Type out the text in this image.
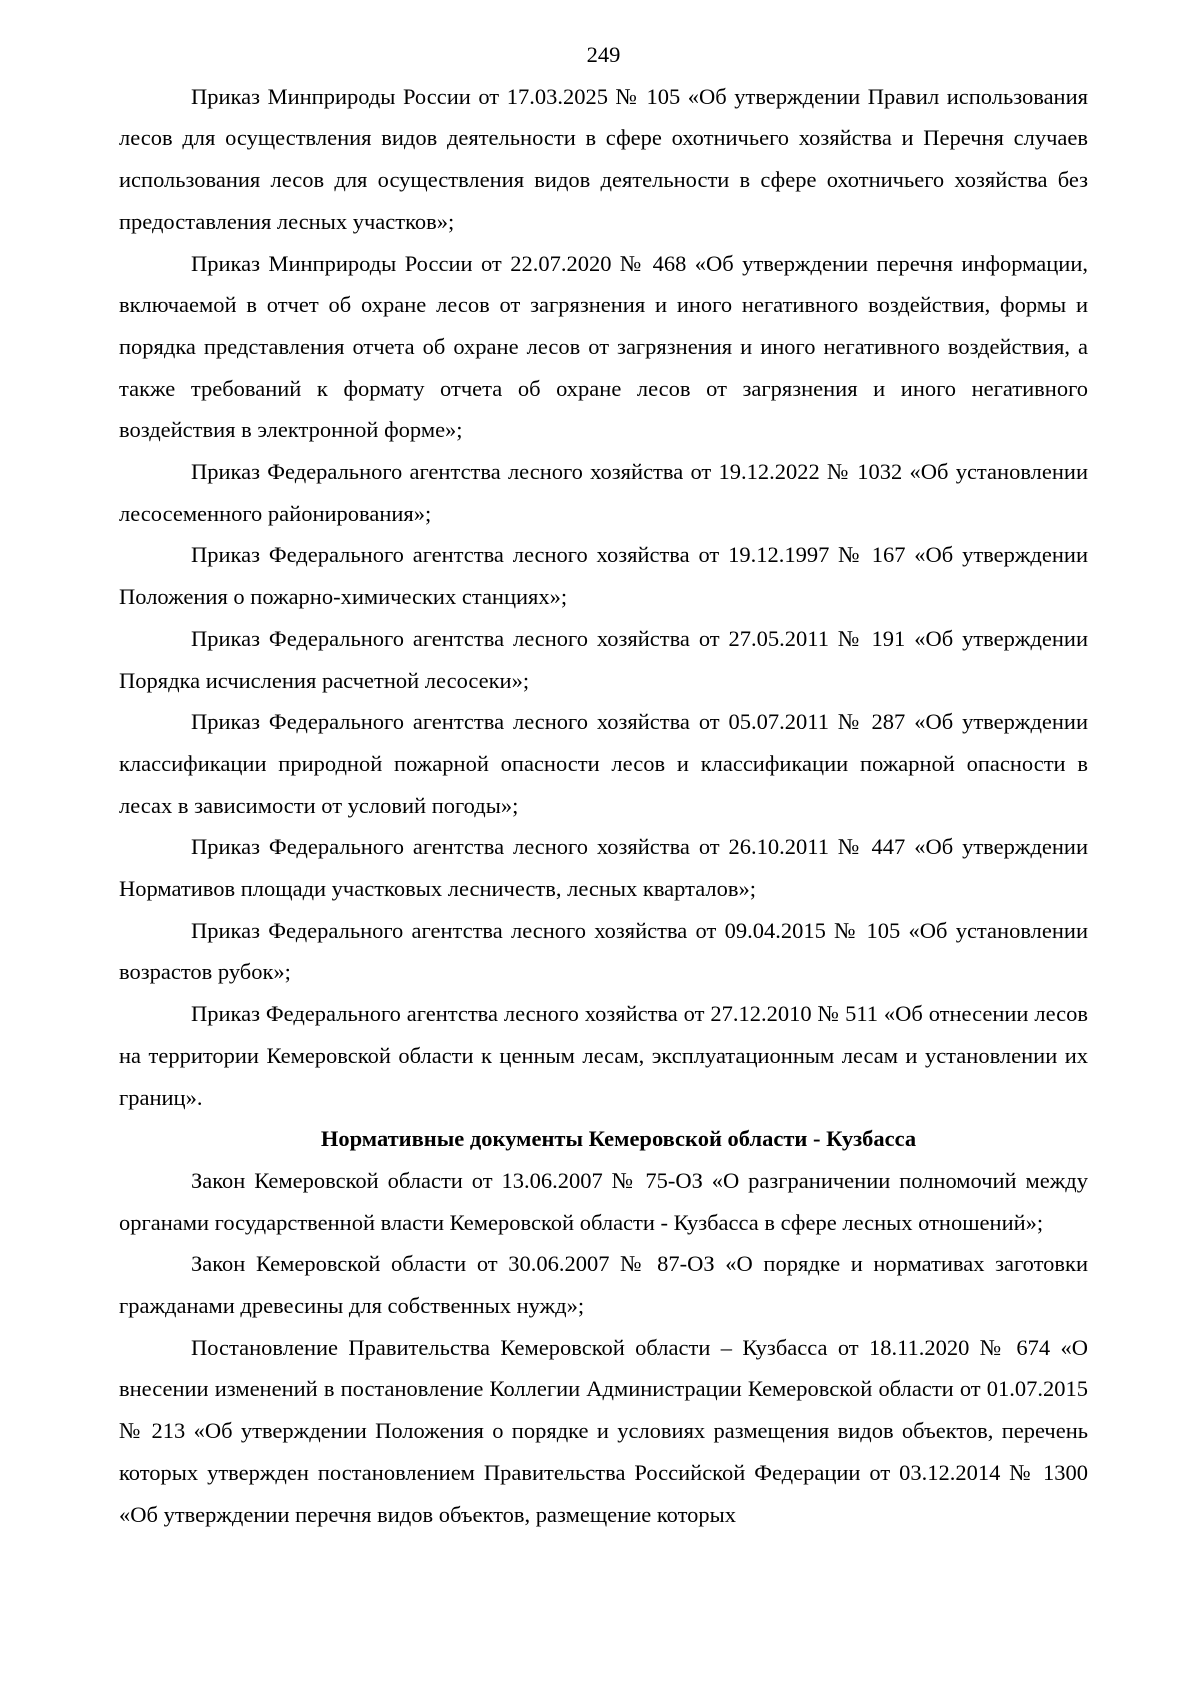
249

Приказ Минприроды России от 17.03.2025 № 105 «Об утверждении Правил использования лесов для осуществления видов деятельности в сфере охотничьего хозяйства и Перечня случаев использования лесов для осуществления видов деятельности в сфере охотничьего хозяйства без предоставления лесных участков»;

Приказ Минприроды России от 22.07.2020 № 468 «Об утверждении перечня информации, включаемой в отчет об охране лесов от загрязнения и иного негативного воздействия, формы и порядка представления отчета об охране лесов от загрязнения и иного негативного воздействия, а также требований к формату отчета об охране лесов от загрязнения и иного негативного воздействия в электронной форме»;

Приказ Федерального агентства лесного хозяйства от 19.12.2022 № 1032 «Об установлении лесосеменного районирования»;

Приказ Федерального агентства лесного хозяйства от 19.12.1997 № 167 «Об утверждении Положения о пожарно-химических станциях»;

Приказ Федерального агентства лесного хозяйства от 27.05.2011 № 191 «Об утверждении Порядка исчисления расчетной лесосеки»;

Приказ Федерального агентства лесного хозяйства от 05.07.2011 № 287 «Об утверждении классификации природной пожарной опасности лесов и классификации пожарной опасности в лесах в зависимости от условий погоды»;

Приказ Федерального агентства лесного хозяйства от 26.10.2011 № 447 «Об утверждении Нормативов площади участковых лесничеств, лесных кварталов»;

Приказ Федерального агентства лесного хозяйства от 09.04.2015 № 105 «Об установлении возрастов рубок»;

Приказ Федерального агентства лесного хозяйства от 27.12.2010 № 511 «Об отнесении лесов на территории Кемеровской области к ценным лесам, эксплуатационным лесам и установлении их границ».

Нормативные документы Кемеровской области - Кузбасса

Закон Кемеровской области от 13.06.2007 № 75-ОЗ «О разграничении полномочий между органами государственной власти Кемеровской области - Кузбасса в сфере лесных отношений»;

Закон Кемеровской области от 30.06.2007 № 87-ОЗ «О порядке и нормативах заготовки гражданами древесины для собственных нужд»;

Постановление Правительства Кемеровской области – Кузбасса от 18.11.2020 № 674 «О внесении изменений в постановление Коллегии Администрации Кемеровской области от 01.07.2015 № 213 «Об утверждении Положения о порядке и условиях размещения видов объектов, перечень которых утвержден постановлением Правительства Российской Федерации от 03.12.2014 № 1300 «Об утверждении перечня видов объектов, размещение которых
